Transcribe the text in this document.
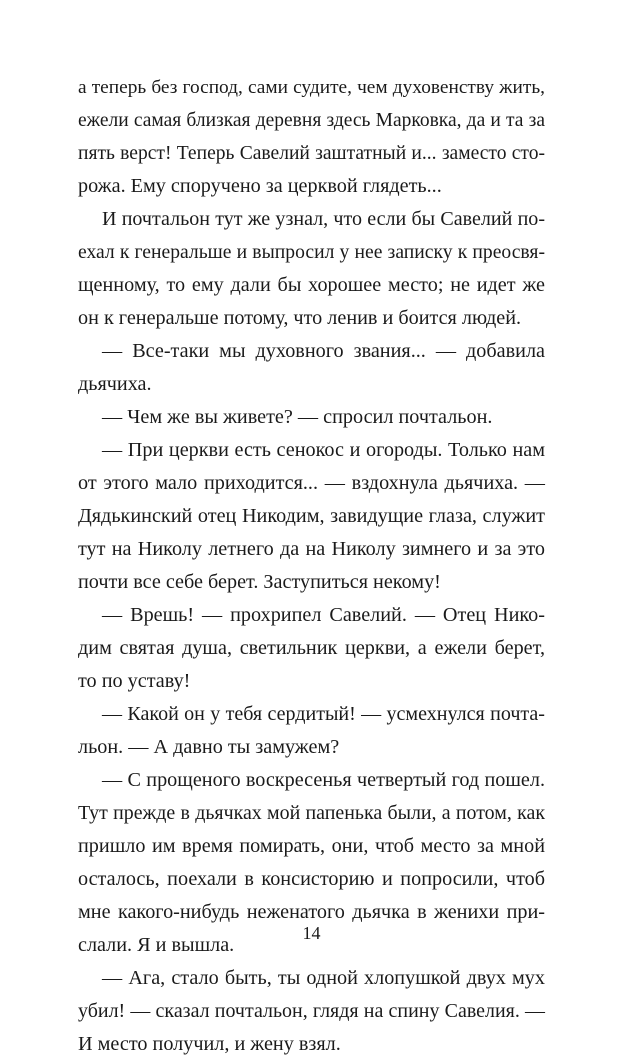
а теперь без господ, сами судите, чем духовенству жить,
ежели самая близкая деревня здесь Марковка, да и та за
пять верст! Теперь Савелий заштатный и... заместо сто-
рожа. Ему споручено за церквой глядеть...
И почтальон тут же узнал, что если бы Савелий по-
ехал к генеральше и выпросил у нее записку к преосвя-
щенному, то ему дали бы хорошее место; не идет же
он к генеральше потому, что ленив и боится людей.
— Все-таки мы духовного звания... — добавила
дьячиха.
— Чем же вы живете? — спросил почтальон.
— При церкви есть сенокос и огороды. Только нам
от этого мало приходится... — вздохнула дьячиха. —
Дядькинский отец Никодим, завидущие глаза, служит
тут на Николу летнего да на Николу зимнего и за это
почти все себе берет. Заступиться некому!
— Врешь! — прохрипел Савелий. — Отец Нико-
дим святая душа, светильник церкви, а ежели берет,
то по уставу!
— Какой он у тебя сердитый! — усмехнулся почта-
льон. — А давно ты замужем?
— С прощеного воскресенья четвертый год пошел.
Тут прежде в дьячках мой папенька были, а потом, как
пришло им время помирать, они, чтоб место за мной
осталось, поехали в консисторию и попросили, чтоб
мне какого-нибудь неженатого дьячка в женихи при-
слали. Я и вышла.
— Ага, стало быть, ты одной хлопушкой двух мух
убил! — сказал почтальон, глядя на спину Савелия. —
И место получил, и жену взял.
14
